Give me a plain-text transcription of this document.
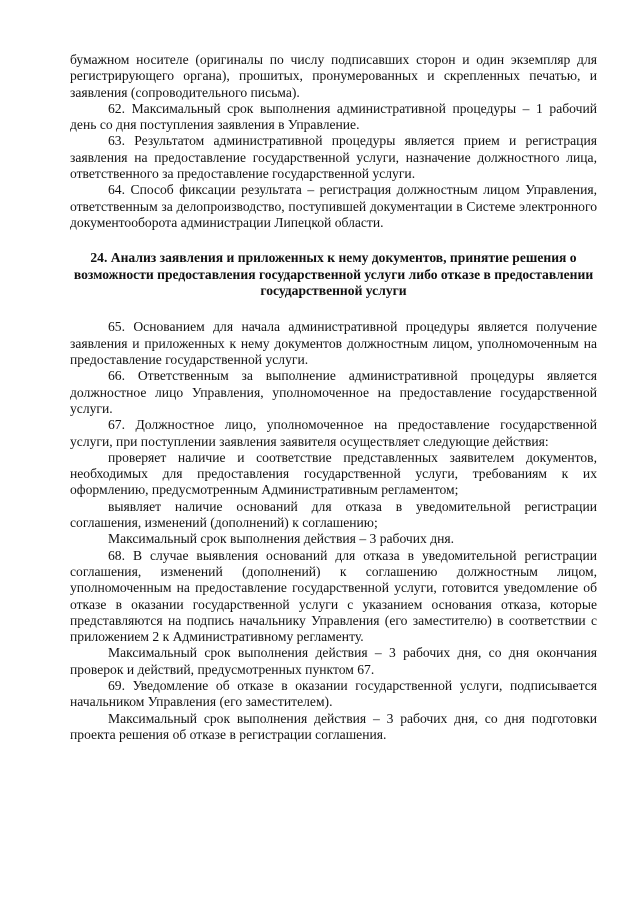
бумажном носителе (оригиналы по числу подписавших сторон и один экземпляр для регистрирующего органа), прошитых, пронумерованных и скрепленных печатью, и заявления (сопроводительного письма).

62. Максимальный срок выполнения административной процедуры – 1 рабочий день со дня поступления заявления в Управление.

63. Результатом административной процедуры является прием и регистрация заявления на предоставление государственной услуги, назначение должностного лица, ответственного за предоставление государственной услуги.

64. Способ фиксации результата – регистрация должностным лицом Управления, ответственным за делопроизводство, поступившей документации в Системе электронного документооборота администрации Липецкой области.

24. Анализ заявления и приложенных к нему документов, принятие решения о возможности предоставления государственной услуги либо отказе в предоставлении государственной услуги

65. Основанием для начала административной процедуры является получение заявления и приложенных к нему документов должностным лицом, уполномоченным на предоставление государственной услуги.

66. Ответственным за выполнение административной процедуры является должностное лицо Управления, уполномоченное на предоставление государственной услуги.

67. Должностное лицо, уполномоченное на предоставление государственной услуги, при поступлении заявления заявителя осуществляет следующие действия:

проверяет наличие и соответствие представленных заявителем документов, необходимых для предоставления государственной услуги, требованиям к их оформлению, предусмотренным Административным регламентом;

выявляет наличие оснований для отказа в уведомительной регистрации соглашения, изменений (дополнений) к соглашению;

Максимальный срок выполнения действия – 3 рабочих дня.

68. В случае выявления оснований для отказа в уведомительной регистрации соглашения, изменений (дополнений) к соглашению должностным лицом, уполномоченным на предоставление государственной услуги, готовится уведомление об отказе в оказании государственной услуги с указанием основания отказа, которые представляются на подпись начальнику Управления (его заместителю) в соответствии с приложением 2 к Административному регламенту.

Максимальный срок выполнения действия – 3 рабочих дня, со дня окончания проверок и действий, предусмотренных пунктом 67.

69. Уведомление об отказе в оказании государственной услуги, подписывается начальником Управления (его заместителем).

Максимальный срок выполнения действия – 3 рабочих дня, со дня подготовки проекта решения об отказе в регистрации соглашения.
